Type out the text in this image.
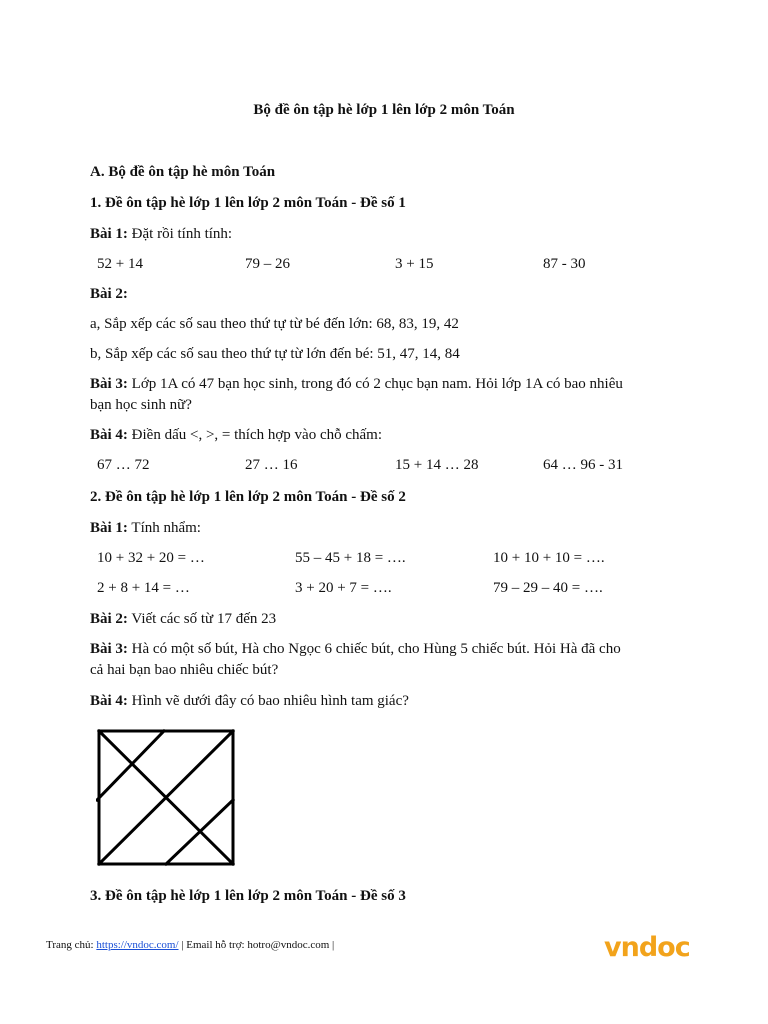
Bộ đề ôn tập hè lớp 1 lên lớp 2 môn Toán
A. Bộ đề ôn tập hè môn Toán
1. Đề ôn tập hè lớp 1 lên lớp 2 môn Toán - Đề số 1
Bài 1: Đặt rồi tính tính:
52 + 14	79 – 26	3 + 15	87 - 30
Bài 2:
a, Sắp xếp các số sau theo thứ tự từ bé đến lớn: 68, 83, 19, 42
b, Sắp xếp các số sau theo thứ tự từ lớn đến bé: 51, 47, 14, 84
Bài 3: Lớp 1A có 47 bạn học sinh, trong đó có 2 chục bạn nam. Hỏi lớp 1A có bao nhiêu
bạn học sinh nữ?
Bài 4: Điền dấu <, >, = thích hợp vào chỗ chấm:
67 … 72	27 … 16	15 + 14 … 28	64 … 96 - 31
2. Đề ôn tập hè lớp 1 lên lớp 2 môn Toán - Đề số 2
Bài 1: Tính nhẩm:
10 + 32 + 20 = …	55 – 45 + 18 = ….	10 + 10 + 10 = ….
2 + 8 + 14 = …	3 + 20 + 7 = ….	79 – 29 – 40 = ….
Bài 2: Viết các số từ 17 đến 23
Bài 3: Hà có một số bút, Hà cho Ngọc 6 chiếc bút, cho Hùng 5 chiếc bút. Hỏi Hà đã cho
cả hai bạn bao nhiêu chiếc bút?
Bài 4: Hình vẽ dưới đây có bao nhiêu hình tam giác?
3. Đề ôn tập hè lớp 1 lên lớp 2 môn Toán - Đề số 3
Trang chủ: https://vndoc.com/ | Email hỗ trợ: hotro@vndoc.com |	vndoc
